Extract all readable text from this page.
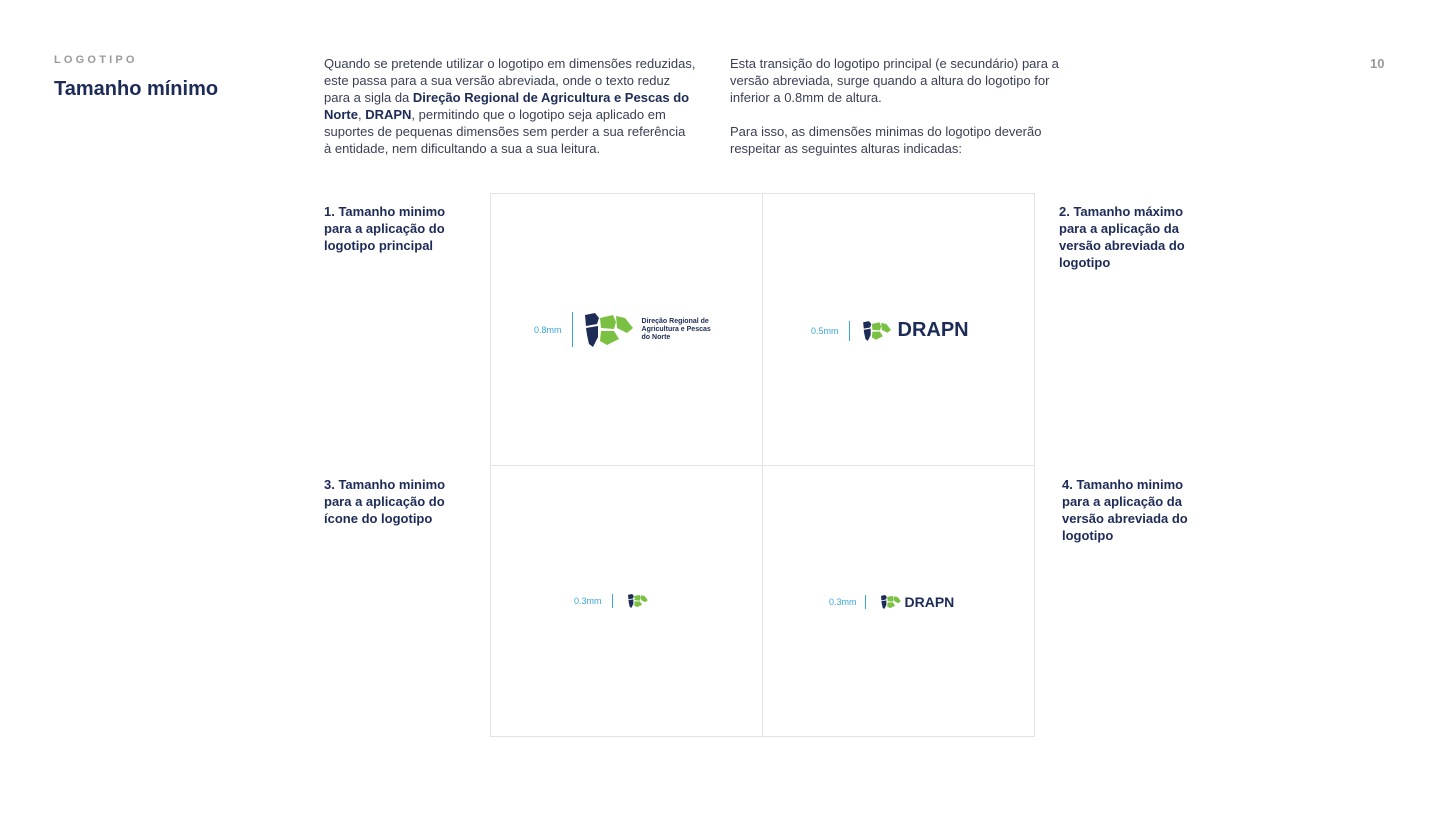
LOGOTIPO
Tamanho mínimo
10

Quando se pretende utilizar o logotipo em dimensões reduzidas, este passa para a sua versão abreviada, onde o texto reduz para a sigla da Direção Regional de Agricultura e Pescas do Norte, DRAPN, permitindo que o logotipo seja aplicado em suportes de pequenas dimensões sem perder a sua referência à entidade, nem dificultando a sua a sua leitura.

Esta transição do logotipo principal (e secundário) para a versão abreviada, surge quando a altura do logotipo for inferior a 0.8mm de altura.

Para isso, as dimensões minimas do logotipo deverão respeitar as seguintes alturas indicadas:

1. Tamanho minimo para a aplicação do logotipo principal
2. Tamanho máximo para a aplicação da versão abreviada do logotipo
3. Tamanho minimo para a aplicação do ícone do logotipo
4. Tamanho minimo para a aplicação da versão abreviada do logotipo
0.8mm
Direção Regional de
Agricultura e Pescas
do Norte
0.5mm	DRAPN
0.3mm	0.3mm	DRAPN
